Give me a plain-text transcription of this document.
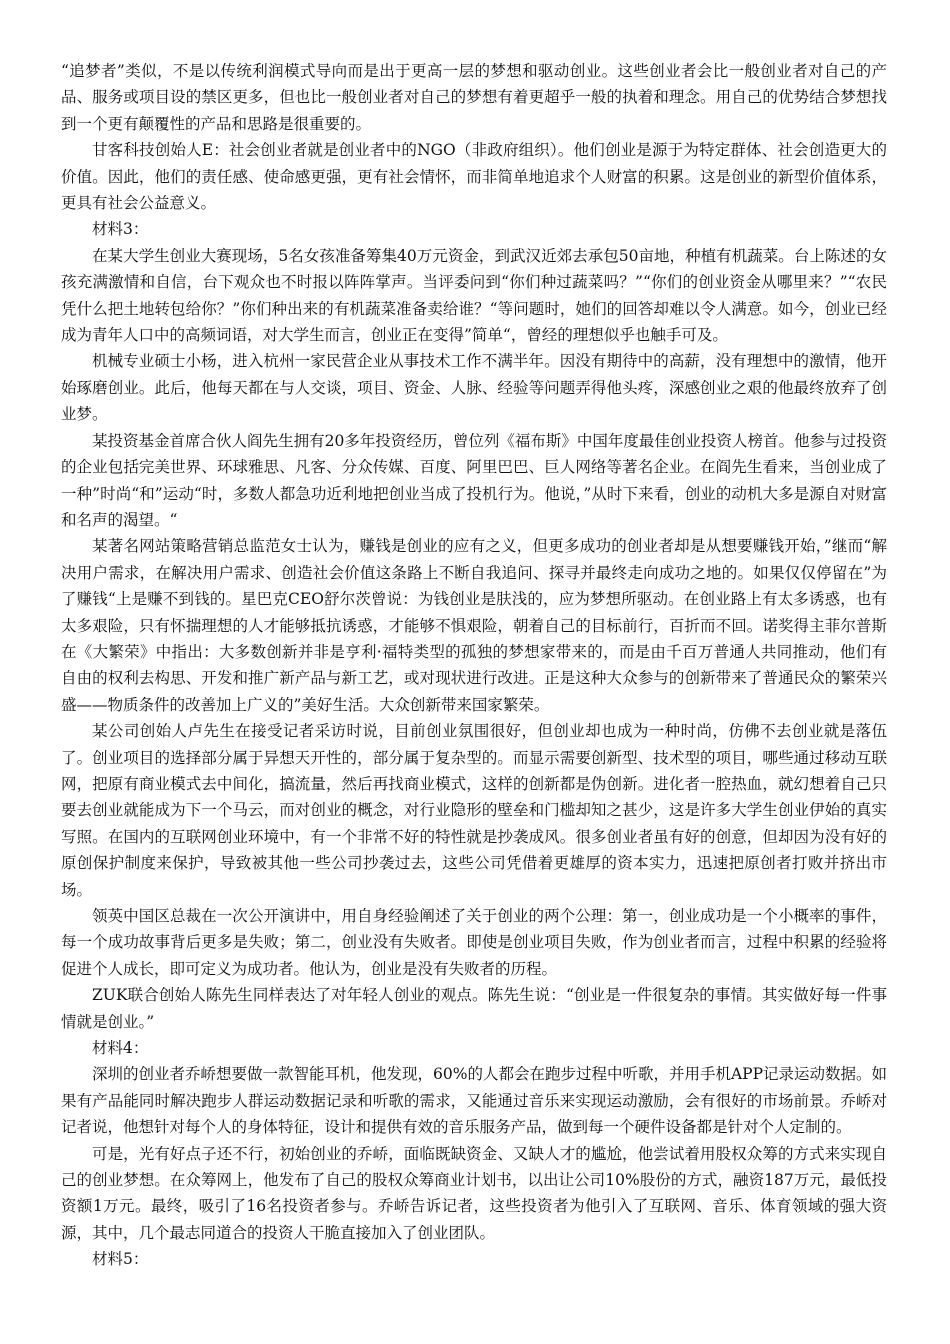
“追梦者”类似，不是以传统利润模式导向而是出于更高一层的梦想和驱动创业。这些创业者会比一般创业者对自己的产品、服务或项目设的禁区更多，但也比一般创业者对自己的梦想有着更超乎一般的执着和理念。用自己的优势结合梦想找到一个更有颠覆性的产品和思路是很重要的。

甘客科技创始人E：社会创业者就是创业者中的NGO（非政府组织）。他们创业是源于为特定群体、社会创造更大的价值。因此，他们的责任感、使命感更强，更有社会情怀，而非简单地追求个人财富的积累。这是创业的新型价值体系，更具有社会公益意义。

材料3：

在某大学生创业大赛现场，5名女孩准备筹集40万元资金，到武汉近郊去承包50亩地，种植有机蔬菜。台上陈述的女孩充满激情和自信，台下观众也不时报以阵阵掌声。当评委问到“你们种过蔬菜吗？”“你们的创业资金从哪里来？”“农民凭什么把土地转包给你？”你们种出来的有机蔬菜准备卖给谁？“等问题时，她们的回答却难以令人满意。如今，创业已经成为青年人口中的高频词语，对大学生而言，创业正在变得”简单“，曾经的理想似乎也触手可及。

机械专业硕士小杨，进入杭州一家民营企业从事技术工作不满半年。因没有期待中的高薪，没有理想中的激情，他开始琢磨创业。此后，他每天都在与人交谈，项目、资金、人脉、经验等问题弄得他头疼，深感创业之艰的他最终放弃了创业梦。

某投资基金首席合伙人阎先生拥有20多年投资经历，曾位列《福布斯》中国年度最佳创业投资人榜首。他参与过投资的企业包括完美世界、环球雅思、凡客、分众传媒、百度、阿里巴巴、巨人网络等著名企业。在阎先生看来，当创业成了一种”时尚“和”运动“时，多数人都急功近利地把创业当成了投机行为。他说，”从时下来看，创业的动机大多是源自对财富和名声的渴望。“

某著名网站策略营销总监范女士认为，赚钱是创业的应有之义，但更多成功的创业者却是从想要赚钱开始，”继而“解决用户需求，在解决用户需求、创造社会价值这条路上不断自我追问、探寻并最终走向成功之地的。如果仅仅停留在”为了赚钱“上是赚不到钱的。星巴克CEO舒尔茨曾说：为钱创业是肤浅的，应为梦想所驱动。在创业路上有太多诱惑，也有太多艰险，只有怀揣理想的人才能够抵抗诱惑，才能够不惧艰险，朝着自己的目标前行，百折而不回。诺奖得主菲尔普斯在《大繁荣》中指出：大多数创新并非是亨利·福特类型的孤独的梦想家带来的，而是由千百万普通人共同推动，他们有自由的权利去构思、开发和推广新产品与新工艺，或对现状进行改进。正是这种大众参与的创新带来了普通民众的繁荣兴盛——物质条件的改善加上广义的”美好生活。大众创新带来国家繁荣。

某公司创始人卢先生在接受记者采访时说，目前创业氛围很好，但创业却也成为一种时尚，仿佛不去创业就是落伍了。创业项目的选择部分属于异想天开性的，部分属于复杂型的。而显示需要创新型、技术型的项目，哪些通过移动互联网，把原有商业模式去中间化，搞流量，然后再找商业模式，这样的创新都是伪创新。进化者一腔热血，就幻想着自己只要去创业就能成为下一个马云，而对创业的概念，对行业隐形的壁垒和门槛却知之甚少，这是许多大学生创业伊始的真实写照。在国内的互联网创业环境中，有一个非常不好的特性就是抄袭成风。很多创业者虽有好的创意，但却因为没有好的原创保护制度来保护，导致被其他一些公司抄袭过去，这些公司凭借着更雄厚的资本实力，迅速把原创者打败并挤出市场。

领英中国区总裁在一次公开演讲中，用自身经验阐述了关于创业的两个公理：第一，创业成功是一个小概率的事件，每一个成功故事背后更多是失败；第二，创业没有失败者。即使是创业项目失败，作为创业者而言，过程中积累的经验将促进个人成长，即可定义为成功者。他认为，创业是没有失败者的历程。

ZUK联合创始人陈先生同样表达了对年轻人创业的观点。陈先生说：“创业是一件很复杂的事情。其实做好每一件事情就是创业。”

材料4：

深圳的创业者乔峤想要做一款智能耳机，他发现，60%的人都会在跑步过程中听歌，并用手机APP记录运动数据。如果有产品能同时解决跑步人群运动数据记录和听歌的需求，又能通过音乐来实现运动激励，会有很好的市场前景。乔峤对记者说，他想针对每个人的身体特征，设计和提供有效的音乐服务产品，做到每一个硬件设备都是针对个人定制的。

可是，光有好点子还不行，初始创业的乔峤，面临既缺资金、又缺人才的尴尬，他尝试着用股权众筹的方式来实现自己的创业梦想。在众筹网上，他发布了自己的股权众筹商业计划书，以出让公司10%股份的方式，融资187万元，最低投资额1万元。最终，吸引了16名投资者参与。乔峤告诉记者，这些投资者为他引入了互联网、音乐、体育领域的强大资源，其中，几个最志同道合的投资人干脆直接加入了创业团队。

材料5：
